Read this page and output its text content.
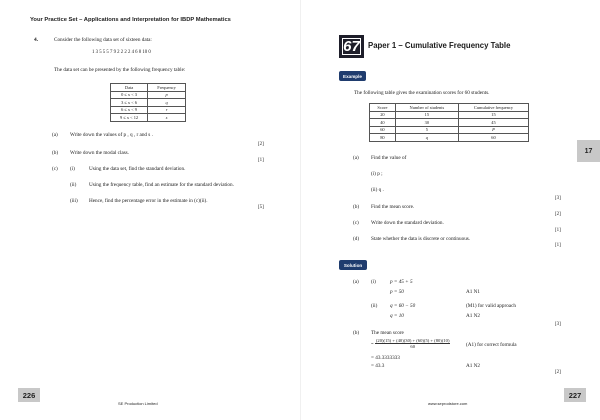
Your Practice Set – Applications and Interpretation for IBDP Mathematics
4.	Consider the following data set of sixteen data:
1 3 5 5 5 7 9 2 2 2 2 4 6 8 10 0
The data set can be presented by the following frequency table:
Data	Frequency
0 ≤ x < 3	p
3 ≤ x < 6	q
6 ≤ x < 9	r
9 ≤ x < 12	s
(a) Write down the values of p , q , r and s .
[2]
(b) Write down the modal class.
[1]
(c) (i)	Using the data set, find the standard deviation.
(ii) Using the frequency table, find an estimate for the standard deviation.
(iii) Hence, find the percentage error in the estimate in (c)(ii).
[5]
226
SE Production Limited
67	Paper 1 – Cumulative Frequency Table
Example
The following table gives the examination scores for 60 students.
Score	Number of students	Cumulative frequency
20	15	15
40	30	45
60	5	P
80	q	60
(a) Find the value of
(i) p ;
(ii) q .
[3]
(b) Find the mean score.
[2]
(c) Write down the standard deviation.
[1]
(d) State whether the data is discrete or continuous.
[1]
Solution
(a) (i)	p = 45 + 5
p = 50	A1 N1
(ii) q = 60 − 50	(M1) for valid approach
q = 10	A1 N2
[3]
(b) The mean score
= $\frac{(20)(15) + (40)(30) + (60)(5) + (80)(10)}{60}$	(A1) for correct formula
= 43.3333333
= 43.3	A1 N2
[2]
17
227
www.seprodstore.com
